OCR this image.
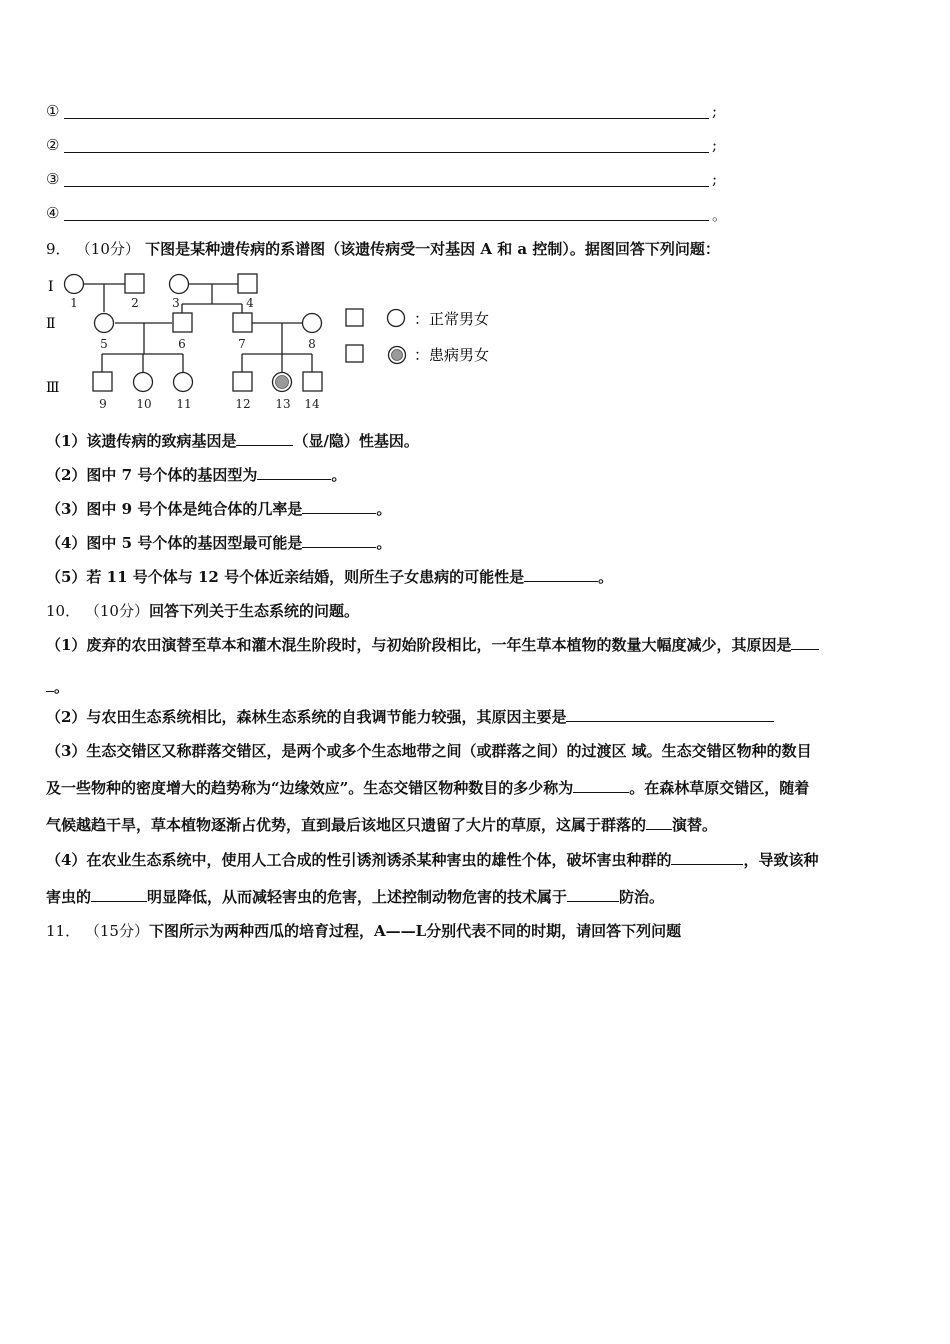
①	;
②	;
③	;
④	。
9． （10分） 下图是某种遗传病的系谱图（该遗传病受一对基因 A 和 a 控制）。据图回答下列问题：
Ⅰ
Ⅱ
Ⅲ
1	2	3	4
5	6	7	8
9 10 11	12 13 14
：正常男女
：患病男女
（1）该遗传病的致病基因是	（显/隐）性基因。
（2）图中 7 号个体的基因型为	。
（3）图中 9 号个体是纯合体的几率是	。
（4）图中 5 号个体的基因型最可能是	。
（5）若 11 号个体与 12 号个体近亲结婚，则所生子女患病的可能性是	。
10． （10分）回答下列关于生态系统的问题。
（1）废弃的农田演替至草本和灌木混生阶段时，与初始阶段相比，一年生草本植物的数量大幅度减少，其原因是
。
（2）与农田生态系统相比，森林生态系统的自我调节能力较强，其原因主要是
（3）生态交错区又称群落交错区，是两个或多个生态地带之间（或群落之间）的过渡区 域。生态交错区物种的数目
及一些物种的密度增大的趋势称为“边缘效应”。生态交错区物种数目的多少称为	。在森林草原交错区，随着
气候越趋干旱，草本植物逐渐占优势，直到最后该地区只遗留了大片的草原，这属于群落的 演替。
（4）在农业生态系统中，使用人工合成的性引诱剂诱杀某种害虫的雄性个体，破坏害虫种群的	，导致该种
害虫的	明显降低，从而减轻害虫的危害，上述控制动物危害的技术属于	防治。
11． （15分）下图所示为两种西瓜的培育过程，A——L分别代表不同的时期，请回答下列问题
